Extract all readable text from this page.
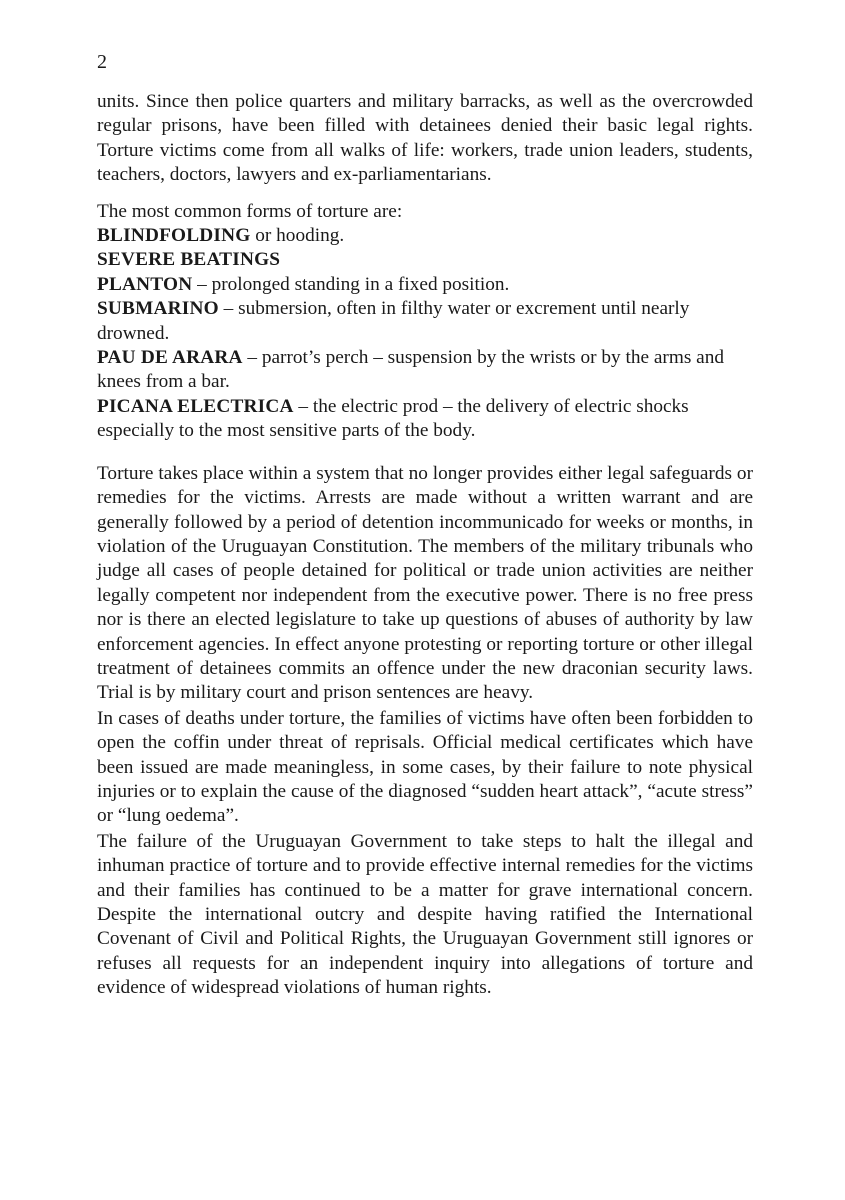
2

units. Since then police quarters and military barracks, as well as the overcrowded regular prisons, have been filled with detainees denied their basic legal rights. Torture victims come from all walks of life: workers, trade union leaders, students, teachers, doctors, lawyers and ex-parliamentarians.

The most common forms of torture are:

BLINDFOLDING or hooding.

SEVERE BEATINGS

PLANTON – prolonged standing in a fixed position.

SUBMARINO – submersion, often in filthy water or excrement until nearly drowned.

PAU DE ARARA – parrot’s perch – suspension by the wrists or by the arms and knees from a bar.

PICANA ELECTRICA – the electric prod – the delivery of electric shocks especially to the most sensitive parts of the body.

Torture takes place within a system that no longer provides either legal safeguards or remedies for the victims. Arrests are made without a written warrant and are generally followed by a period of detention incommunicado for weeks or months, in violation of the Uruguayan Constitution. The members of the military tribunals who judge all cases of people detained for political or trade union activities are neither legally competent nor independent from the executive power. There is no free press nor is there an elected legislature to take up questions of abuses of authority by law enforcement agencies. In effect anyone protesting or reporting torture or other illegal treatment of detainees commits an offence under the new draconian security laws. Trial is by military court and prison sentences are heavy.

In cases of deaths under torture, the families of victims have often been forbidden to open the coffin under threat of reprisals. Official medical certificates which have been issued are made meaningless, in some cases, by their failure to note physical injuries or to explain the cause of the diagnosed “sudden heart attack”, “acute stress” or “lung oedema”.

The failure of the Uruguayan Government to take steps to halt the illegal and inhuman practice of torture and to provide effective internal remedies for the victims and their families has continued to be a matter for grave international concern. Despite the international outcry and despite having ratified the International Covenant of Civil and Political Rights, the Uruguayan Government still ignores or refuses all requests for an independent inquiry into allegations of torture and evidence of widespread violations of human rights.
